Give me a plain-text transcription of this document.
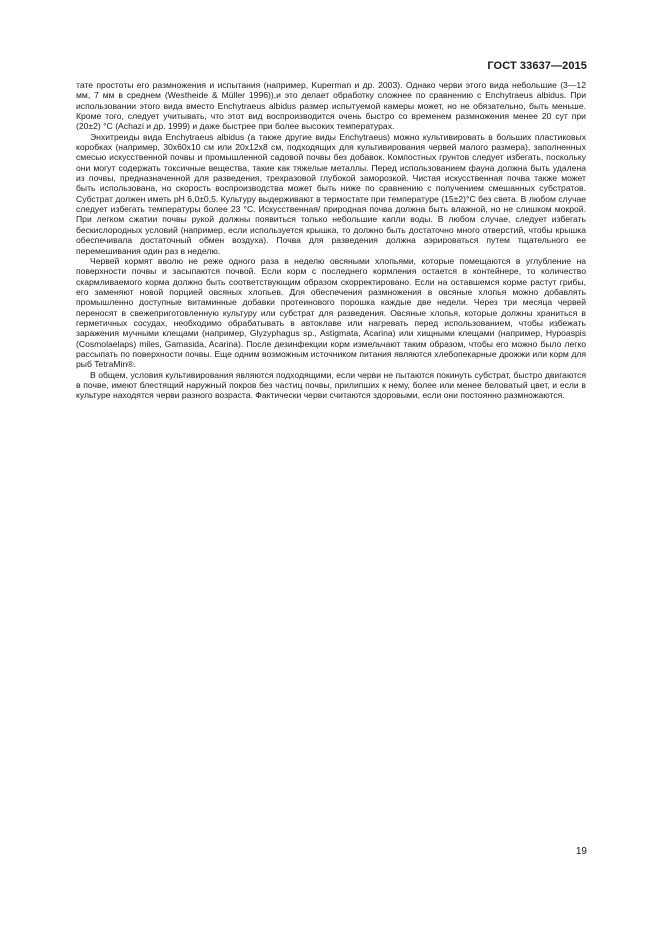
ГОСТ 33637—2015

тате простоты его размножения и испытания (например, Kuperman и др. 2003). Однако черви этого вида небольшие (3—12 мм, 7 мм в среднем (Westheide & Müller 1996)),и это делает обработку сложнее по сравнению с Enchytraeus albidus. При использовании этого вида вместо Enchytraeus albidus размер испытуемой камеры может, но не обязательно, быть меньше. Кроме того, следует учитывать, что этот вид воспроизводится очень быстро со временем размножения менее 20 сут при (20±2) °С (Achazi и др. 1999) и даже быстрее при более высоких температурах.

Энхитреиды вида Enchytraeus albidus (а также другие виды Enchytraeus) можно культивировать в больших пластиковых коробках (например, 30x60x10 см или 20x12x8 см, подходящих для культивирования червей малого размера), заполненных смесью искусственной почвы и промышленной садовой почвы без добавок. Компостных грунтов следует избегать, поскольку они могут содержать токсичные вещества, такие как тяжелые металлы. Перед использованием фауна должна быть удалена из почвы, предназначенной для разведения, трехразовой глубокой заморозкой. Чистая искусственная почва также может быть использована, но скорость воспроизводства может быть ниже по сравнению с получением смешанных субстратов. Субстрат должен иметь pH 6,0±0,5. Культуру выдерживают в термостате при температуре (15±2)°С без света. В любом случае следует избегать температуры более 23 °С. Искусственная/ природная почва должна быть влажной, но не слишком мокрой. При легком сжатии почвы рукой должны появиться только небольшие капли воды. В любом случае, следует избегать бескислородных условий (например, если используется крышка, то должно быть достаточно много отверстий, чтобы крышка обеспечивала достаточный обмен воздуха). Почва для разведения должна аэрироваться путем тщательного ее перемешивания один раз в неделю.

Червей кормят вволю не реже одного раза в неделю овсяными хлопьями, которые помещаются в углубление на поверхности почвы и засыпаются почвой. Если корм с последнего кормления остается в контейнере, то количество скармливаемого корма должно быть соответствующим образом скорректировано. Если на оставшемся корме растут грибы, его заменяют новой порцией овсяных хлопьев. Для обеспечения размножения в овсяные хлопья можно добавлять промышленно доступные витаминные добавки протеинового порошка каждые две недели. Через три месяца червей переносят в свежеприготовленную культуру или субстрат для разведения. Овсяные хлопья, которые должны храниться в герметичных сосудах, необходимо обрабатывать в автоклаве или нагревать перед использованием, чтобы избежать заражения мучными клещами (например, Glyzyphagus sp., Astigmata, Acarina) или хищными клещами (например, Hypoaspis (Cosmolaelaps) miles, Gamasida, Acarina). После дезинфекции корм измельчают таким образом, чтобы его можно было легко рассыпать по поверхности почвы. Еще одним возможным источником питания являются хлебопекарные дрожжи или корм для рыб TetraMin®.

В общем, условия культивирования являются подходящими, если черви не пытаются покинуть субстрат, быстро двигаются в почве, имеют блестящий наружный покров без частиц почвы, прилипших к нему, более или менее беловатый цвет, и если в культуре находятся черви разного возраста. Фактически черви считаются здоровыми, если они постоянно размножаются.

19
